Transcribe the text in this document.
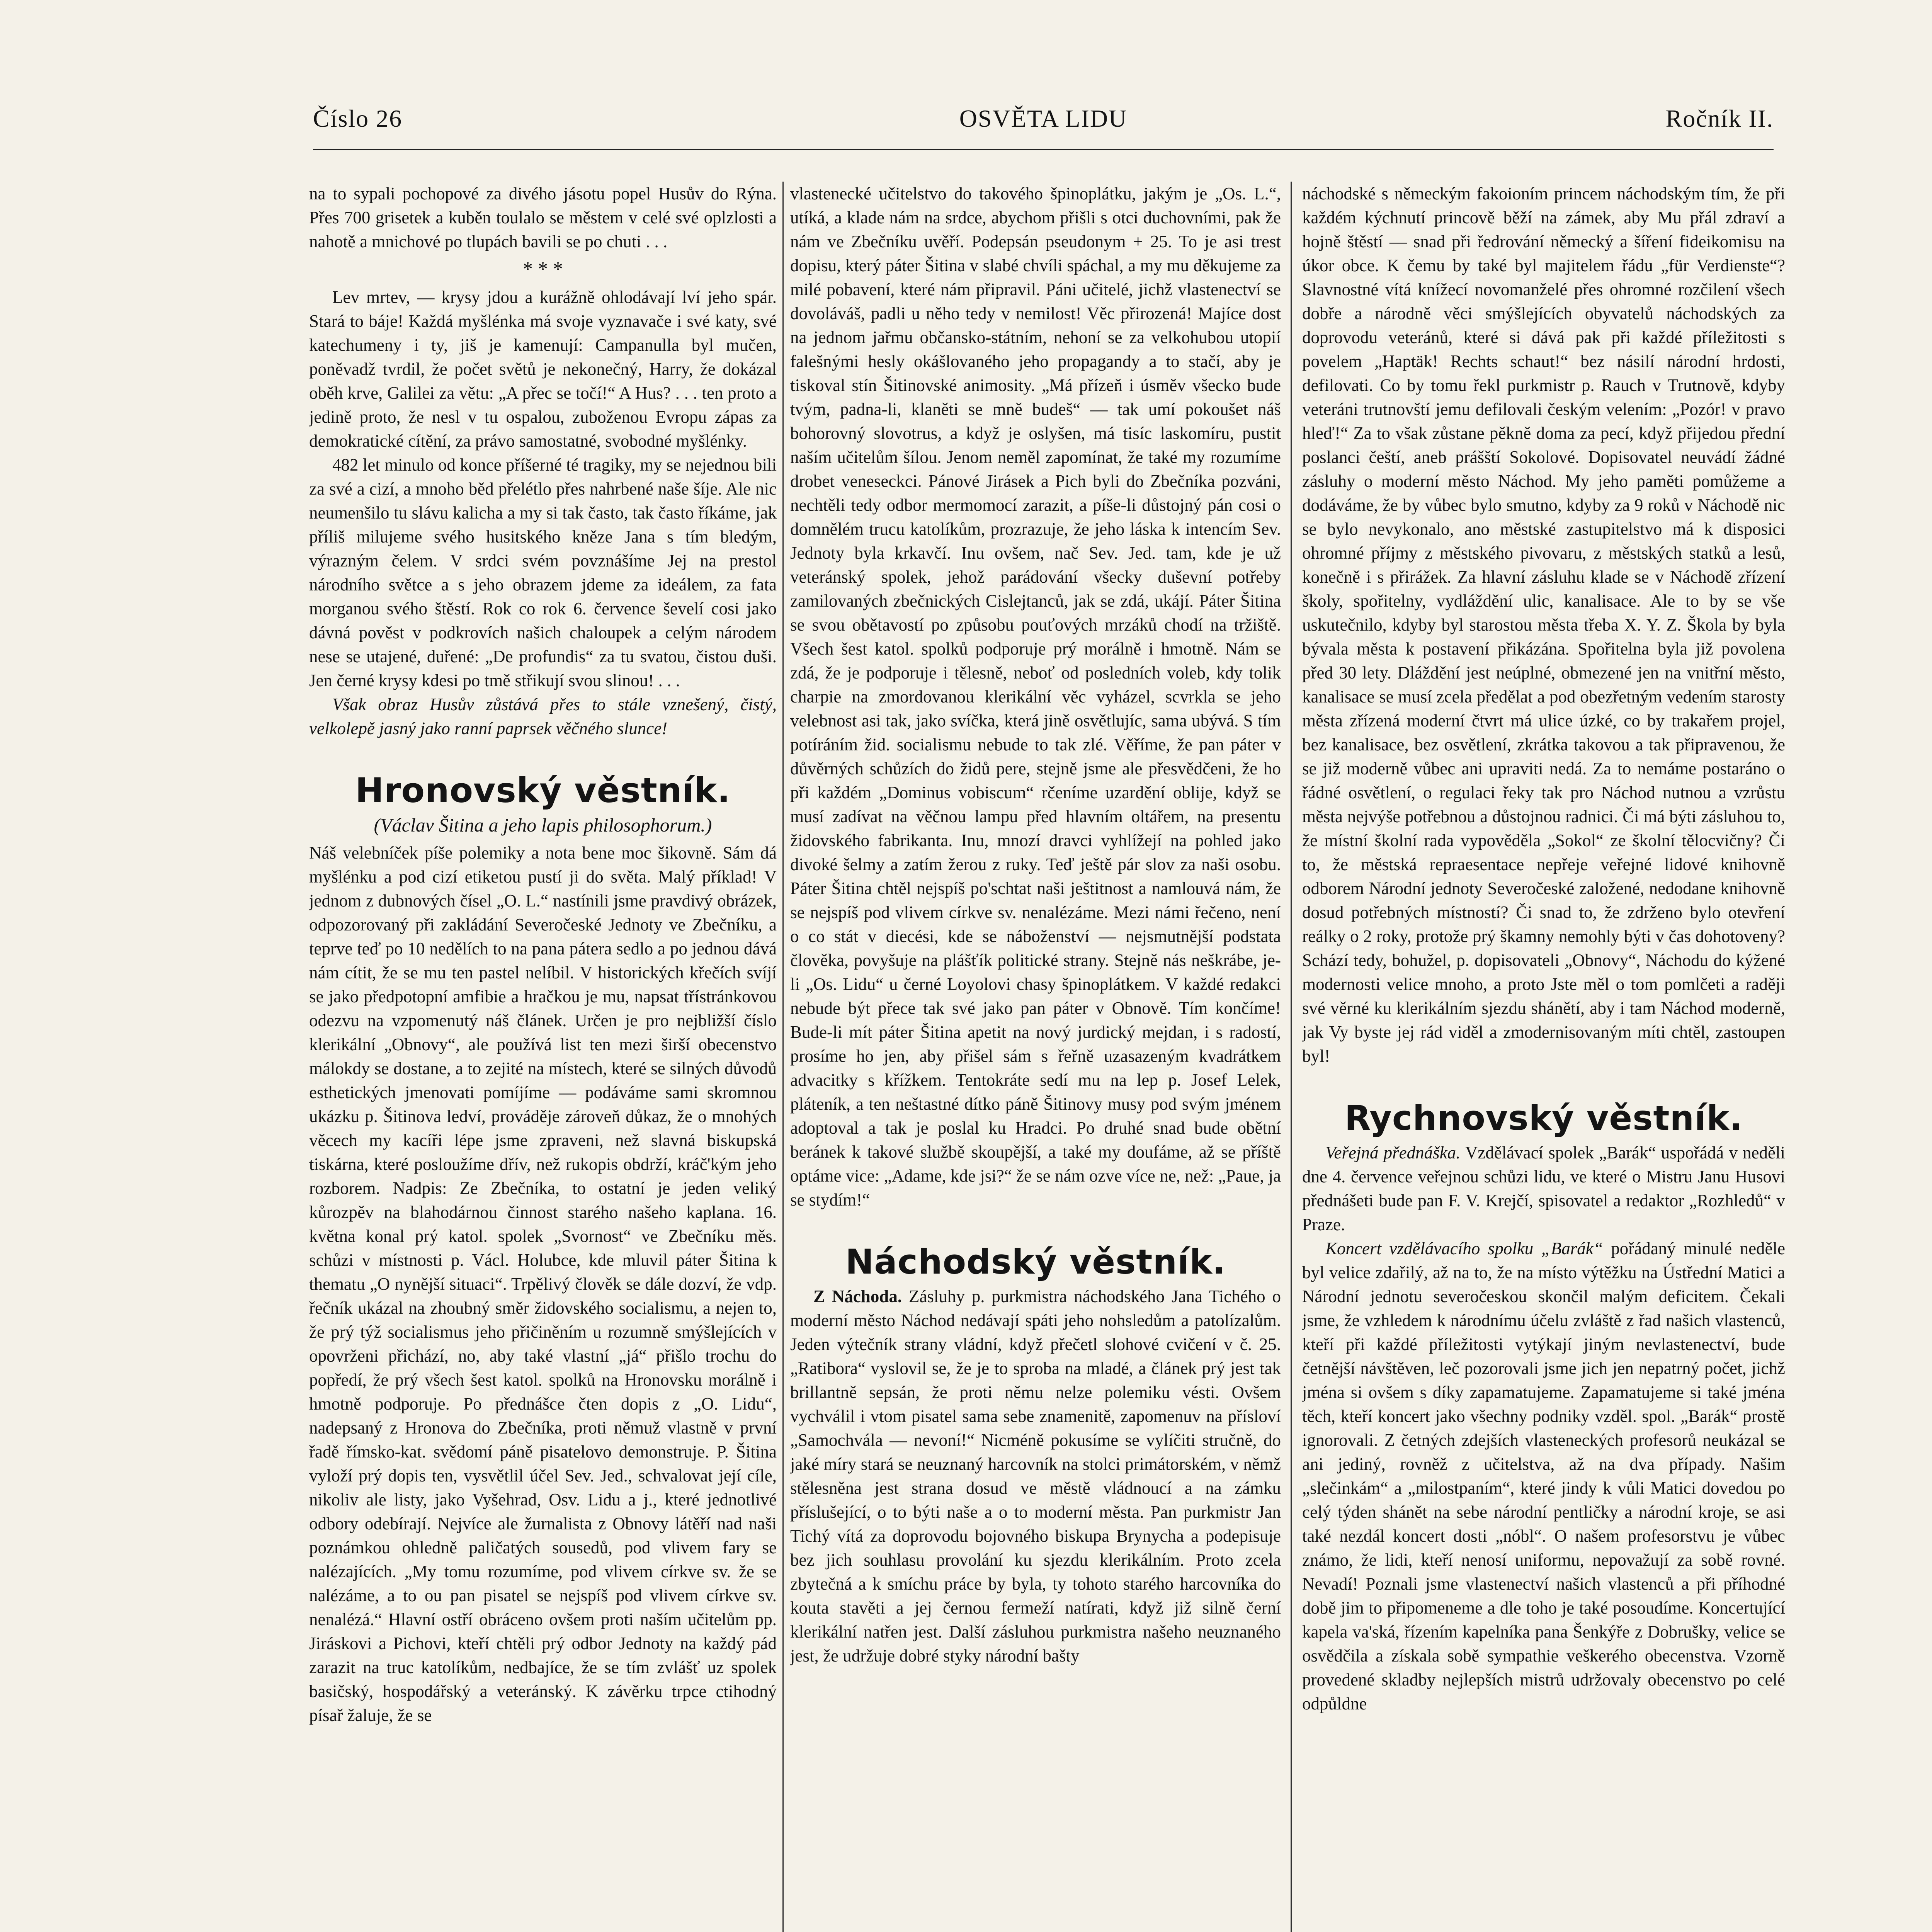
Číslo 26	OSVĚTA LIDU	Ročník II.

na to sypali pochopové za divého jásotu popel Husův do Rýna. Přes 700 grisetek a kuběn toulalo se městem v celé své oplzlosti a nahotě a mnichové po tlupách bavili se po chuti . . .

* * *

Lev mrtev, — krysy jdou a kurážně ohlodávají lví jeho spár. Stará to báje! Každá myšlénka má svoje vyznavače i své katy, své katechumeny i ty, jiš je kamenují: Campanulla byl mučen, poněvadž tvrdil, že počet světů je nekonečný, Harry, že dokázal oběh krve, Galilei za větu: „A přec se točí!“ A Hus? . . . ten proto a jedině proto, že nesl v tu ospalou, zuboženou Evropu zápas za demokratické cítění, za právo samostatné, svobodné myšlénky.

482 let minulo od konce příšerné té tragiky, my se nejednou bili za své a cizí, a mnoho běd přelétlo přes nahrbené naše šíje. Ale nic neumenšilo tu slávu kalicha a my si tak často, tak často říkáme, jak příliš milujeme svého husitského kněze Jana s tím bledým, výrazným čelem. V srdci svém povznášíme Jej na prestol národního světce a s jeho obrazem jdeme za ideálem, za fata morganou svého štěstí. Rok co rok 6. července ševelí cosi jako dávná pověst v podkrovích našich chaloupek a celým národem nese se utajené, duřené: „De profundis“ za tu svatou, čistou duši. Jen černé krysy kdesi po tmě střikují svou slinou! . . .

Však obraz Husův zůstává přes to stále vznešený, čistý, velkolepě jasný jako ranní paprsek věčného slunce!

Hronovský věstník.
(Václav Šitina a jeho lapis philosophorum.)

Náš velebníček píše polemiky a nota bene moc šikovně. Sám dá myšlénku a pod cizí etiketou pustí ji do světa. Malý příklad! V jednom z dubnových čísel „O. L.“ nastínili jsme pravdivý obrázek, odpozorovaný při zakládání Severočeské Jednoty ve Zbečníku, a teprve teď po 10 nedělích to na pana pátera sedlo a po jednou dává nám cítit, že se mu ten pastel nelíbil. V historických křečích svíjí se jako předpotopní amfibie a hračkou je mu, napsat třístránkovou odezvu na vzpomenutý náš článek. Určen je pro nejbližší číslo klerikální „Obnovy“, ale používá list ten mezi širší obecenstvo málokdy se dostane, a to zejité na místech, které se silných důvodů esthetických jmenovati pomíjíme — podáváme sami skromnou ukázku p. Šitinova ledví, prováděje zároveň důkaz, že o mnohých věcech my kacíři lépe jsme zpraveni, než slavná biskupská tiskárna, které posloužíme dřív, než rukopis obdrží, kráč'kým jeho rozborem. Nadpis: Ze Zbečníka, to ostatní je jeden veliký kůrozpěv na blahodárnou činnost starého našeho kaplana. 16. května konal prý katol. spolek „Svornost“ ve Zbečníku měs. schůzi v místnosti p. Václ. Holubce, kde mluvil páter Šitina k thematu „O nynější situaci“. Trpělivý člověk se dále dozví, že vdp. řečník ukázal na zhoubný směr židovského socialismu, a nejen to, že prý týž socialismus jeho přičiněním u rozumně smýšlejících v opovrženi přichází, no, aby také vlastní „já“ přišlo trochu do popředí, že prý všech šest katol. spolků na Hronovsku morálně i hmotně podporuje. Po přednášce čten dopis z „O. Lidu“, nadepsaný z Hronova do Zbečníka, proti němuž vlastně v první řadě římsko-kat. svědomí páně pisatelovo demonstruje. P. Šitina vyloží prý dopis ten, vysvětlil účel Sev. Jed., schvalovat její cíle, nikoliv ale listy, jako Vyšehrad, Osv. Lidu a j., které jednotlivé odbory odebírají. Nejvíce ale žurnalista z Obnovy látěří nad naši poznámkou ohledně paličatých sousedů, pod vlivem fary se nalézajících. „My tomu rozumíme, pod vlivem církve sv. že se nalézáme, a to ou pan pisatel se nejspíš pod vlivem církve sv. nenalézá.“ Hlavní ostří obráceno ovšem proti naším učitelům pp. Jiráskovi a Pichovi, kteří chtěli prý odbor Jednoty na každý pád zarazit na truc katolíkům, nedbajíce, že se tím zvlášť uz spolek basičský, hospodářský a veteránský. K závěrku trpce ctihodný písař žaluje, že se

vlastenecké učitelstvo do takového špinoplátku, jakým je „Os. L.“, utíká, a klade nám na srdce, abychom přišli s otci duchovními, pak že nám ve Zbečníku uvěří. Podepsán pseudonym + 25. To je asi trest dopisu, který páter Šitina v slabé chvíli spáchal, a my mu děkujeme za milé pobavení, které nám připravil. Páni učitelé, jichž vlastenectví se dovoláváš, padli u něho tedy v nemilost! Věc přirozená! Majíce dost na jednom jařmu občansko-státním, nehoní se za velkohubou utopií falešnými hesly okášlovaného jeho propagandy a to stačí, aby je tiskoval stín Šitinovské animosity. „Má přízeň i úsměv všecko bude tvým, padna-li, klaněti se mně budeš“ — tak umí pokoušet náš bohorovný slovotrus, a když je oslyšen, má tisíc laskomíru, pustit naším učitelům šílou. Jenom neměl zapomínat, že také my rozumíme drobet veneseckci. Pánové Jirásek a Pich byli do Zbečníka pozváni, nechtěli tedy odbor mermomocí zarazit, a píše-li důstojný pán cosi o domnělém trucu katolíkům, prozrazuje, že jeho láska k intencím Sev. Jednoty byla krkavčí. Inu ovšem, nač Sev. Jed. tam, kde je už veteránský spolek, jehož parádování všecky duševní potřeby zamilovaných zbečnických Cislejtanců, jak se zdá, ukájí. Páter Šitina se svou obětavostí po způsobu pouťových mrzáků chodí na tržiště. Všech šest katol. spolků podporuje prý morálně i hmotně. Nám se zdá, že je podporuje i tělesně, neboť od posledních voleb, kdy tolik charpie na zmordovanou klerikální věc vyházel, scvrkla se jeho velebnost asi tak, jako svíčka, která jině osvětlujíc, sama ubývá. S tím potíráním žid. socialismu nebude to tak zlé. Věříme, že pan páter v důvěrných schůzích do židů pere, stejně jsme ale přesvědčeni, že ho při každém „Dominus vobiscum“ rčeníme uzardění oblije, když se musí zadívat na věčnou lampu před hlavním oltářem, na presentu židovského fabrikanta. Inu, mnozí dravci vyhlížejí na pohled jako divoké šelmy a zatím žerou z ruky. Teď ještě pár slov za naši osobu. Páter Šitina chtěl nejspíš po'schtat naši ještitnost a namlouvá nám, že se nejspíš pod vlivem církve sv. nenalézáme. Mezi námi řečeno, není o co stát v diecési, kde se náboženství — nejsmutnější podstata člověka, povyšuje na plášťík politické strany. Stejně nás neškrábe, je-li „Os. Lidu“ u černé Loyolovi chasy špinoplátkem. V každé redakci nebude být přece tak své jako pan páter v Obnově. Tím končíme! Bude-li mít páter Šitina apetit na nový jurdický mejdan, i s radostí, prosíme ho jen, aby přišel sám s řeřně uzasazeným kvadrátkem advacitky s křížkem. Tentokráte sedí mu na lep p. Josef Lelek, pláteník, a ten neštastné dítko páně Šitinovy musy pod svým jménem adoptoval a tak je poslal ku Hradci. Po druhé snad bude obětní beránek k takové službě skoupější, a také my doufáme, až se příště optáme vice: „Adame, kde jsi?“ že se nám ozve více ne, než: „Paue, ja se stydím!“

Náchodský věstník.

Z Náchoda. Zásluhy p. purkmistra náchodského Jana Tichého o moderní město Náchod nedávají spáti jeho nohsledům a patolízalům. Jeden výtečník strany vládní, když přečetl slohové cvičení v č. 25. „Ratibora“ vyslovil se, že je to sproba na mladé, a článek prý jest tak brillantně sepsán, že proti němu nelze polemiku vésti. Ovšem vychválil i vtom pisatel sama sebe znamenitě, zapomenuv na přísloví „Samochvála — nevoní!“ Nicméně pokusíme se vylíčiti stručně, do jaké míry stará se neuznaný harcovník na stolci primátorském, v němž stělesněna jest strana dosud ve městě vládnoucí a na zámku příslušející, o to býti naše a o to moderní města. Pan purkmistr Jan Tichý vítá za doprovodu bojovného biskupa Brynycha a podepisuje bez jich souhlasu provolání ku sjezdu klerikálním. Proto zcela zbytečná a k smíchu práce by byla, ty tohoto starého harcovníka do kouta stavěti a jej černou fermeží natírati, když již silně černí klerikální natřen jest. Další zásluhou purkmistra našeho neuznaného jest, že udržuje dobré styky národní bašty

náchodské s německým fakoioním princem náchodským tím, že při každém kýchnutí princově běží na zámek, aby Mu přál zdraví a hojně štěstí — snad při ředrování německý a šíření fideikomisu na úkor obce. K čemu by také byl majitelem řádu „für Verdienste“? Slavnostné vítá knížecí novomanželé přes ohromné rozčilení všech dobře a národně věci smýšlejících obyvatelů náchodských za doprovodu veteránů, které si dává pak při každé příležitosti s povelem „Haptäk! Rechts schaut!“ bez násilí národní hrdosti, defilovati. Co by tomu řekl purkmistr p. Rauch v Trutnově, kdyby veteráni trutnovští jemu defilovali českým velením: „Pozór! v pravo hleď!“ Za to však zůstane pěkně doma za pecí, když přijedou přední poslanci čeští, aneb prášští Sokolové. Dopisovatel neuvádí žádné zásluhy o moderní město Náchod. My jeho paměti pomůžeme a dodáváme, že by vůbec bylo smutno, kdyby za 9 roků v Náchodě nic se bylo nevykonalo, ano městské zastupitelstvo má k disposici ohromné příjmy z městského pivovaru, z městských statků a lesů, konečně i s přirážek. Za hlavní zásluhu klade se v Náchodě zřízení školy, spořitelny, vydláždění ulic, kanalisace. Ale to by se vše uskutečnilo, kdyby byl starostou města třeba X. Y. Z. Škola by byla bývala města k postavení přikázána. Spořitelna byla již povolena před 30 lety. Dláždění jest neúplné, obmezené jen na vnitřní město, kanalisace se musí zcela předělat a pod obezřetným vedením starosty města zřízená moderní čtvrt má ulice úzké, co by trakařem projel, bez kanalisace, bez osvětlení, zkrátka takovou a tak připravenou, že se již moderně vůbec ani upraviti nedá. Za to nemáme postaráno o řádné osvětlení, o regulaci řeky tak pro Náchod nutnou a vzrůstu města nejvýše potřebnou a důstojnou radnici. Či má býti zásluhou to, že místní školní rada vypověděla „Sokol“ ze školní tělocvičny? Či to, že městská repraesentace nepřeje veřejné lidové knihovně odborem Národní jednoty Severočeské založené, nedodane knihovně dosud potřebných místností? Či snad to, že zdrženo bylo otevření reálky o 2 roky, protože prý škamny nemohly býti v čas dohotoveny? Schází tedy, bohužel, p. dopisovateli „Obnovy“, Náchodu do kýžené modernosti velice mnoho, a proto Jste měl o tom pomlčeti a raději své věrné ku klerikálním sjezdu shánětí, aby i tam Náchod moderně, jak Vy byste jej rád viděl a zmodernisovaným míti chtěl, zastoupen byl!

Rychnovský věstník.

Veřejná přednáška. Vzdělávací spolek „Barák“ uspořádá v neděli dne 4. července veřejnou schůzi lidu, ve které o Mistru Janu Husovi přednášeti bude pan F. V. Krejčí, spisovatel a redaktor „Rozhledů“ v Praze.

Koncert vzdělávacího spolku „Barák“ pořádaný minulé neděle byl velice zdařilý, až na to, že na místo výtěžku na Ústřední Matici a Národní jednotu severočeskou skončil malým deficitem. Čekali jsme, že vzhledem k národnímu účelu zvláště z řad našich vlastenců, kteří při každé příležitosti vytýkají jiným nevlastenectví, bude četnější návštěven, leč pozorovali jsme jich jen nepatrný počet, jichž jména si ovšem s díky zapamatujeme. Zapamatujeme si také jména těch, kteří koncert jako všechny podniky vzděl. spol. „Barák“ prostě ignorovali. Z četných zdejších vlasteneckých profesorů neukázal se ani jediný, rovněž z učitelstva, až na dva případy. Našim „slečinkám“ a „milostpaním“, které jindy k vůli Matici dovedou po celý týden shánět na sebe národní pentličky a národní kroje, se asi také nezdál koncert dosti „nóbl“. O našem profesorstvu je vůbec známo, že lidi, kteří nenosí uniformu, nepovažují za sobě rovné. Nevadí! Poznali jsme vlastenectví našich vlastenců a při příhodné době jim to připomeneme a dle toho je také posoudíme. Koncertující kapela va'ská, řízením kapelníka pana Šenkýře z Dobrušky, velice se osvědčila a získala sobě sympathie veškerého obecenstva. Vzorně provedené skladby nejlepších mistrů udržovaly obecenstvo po celé odpůldne
